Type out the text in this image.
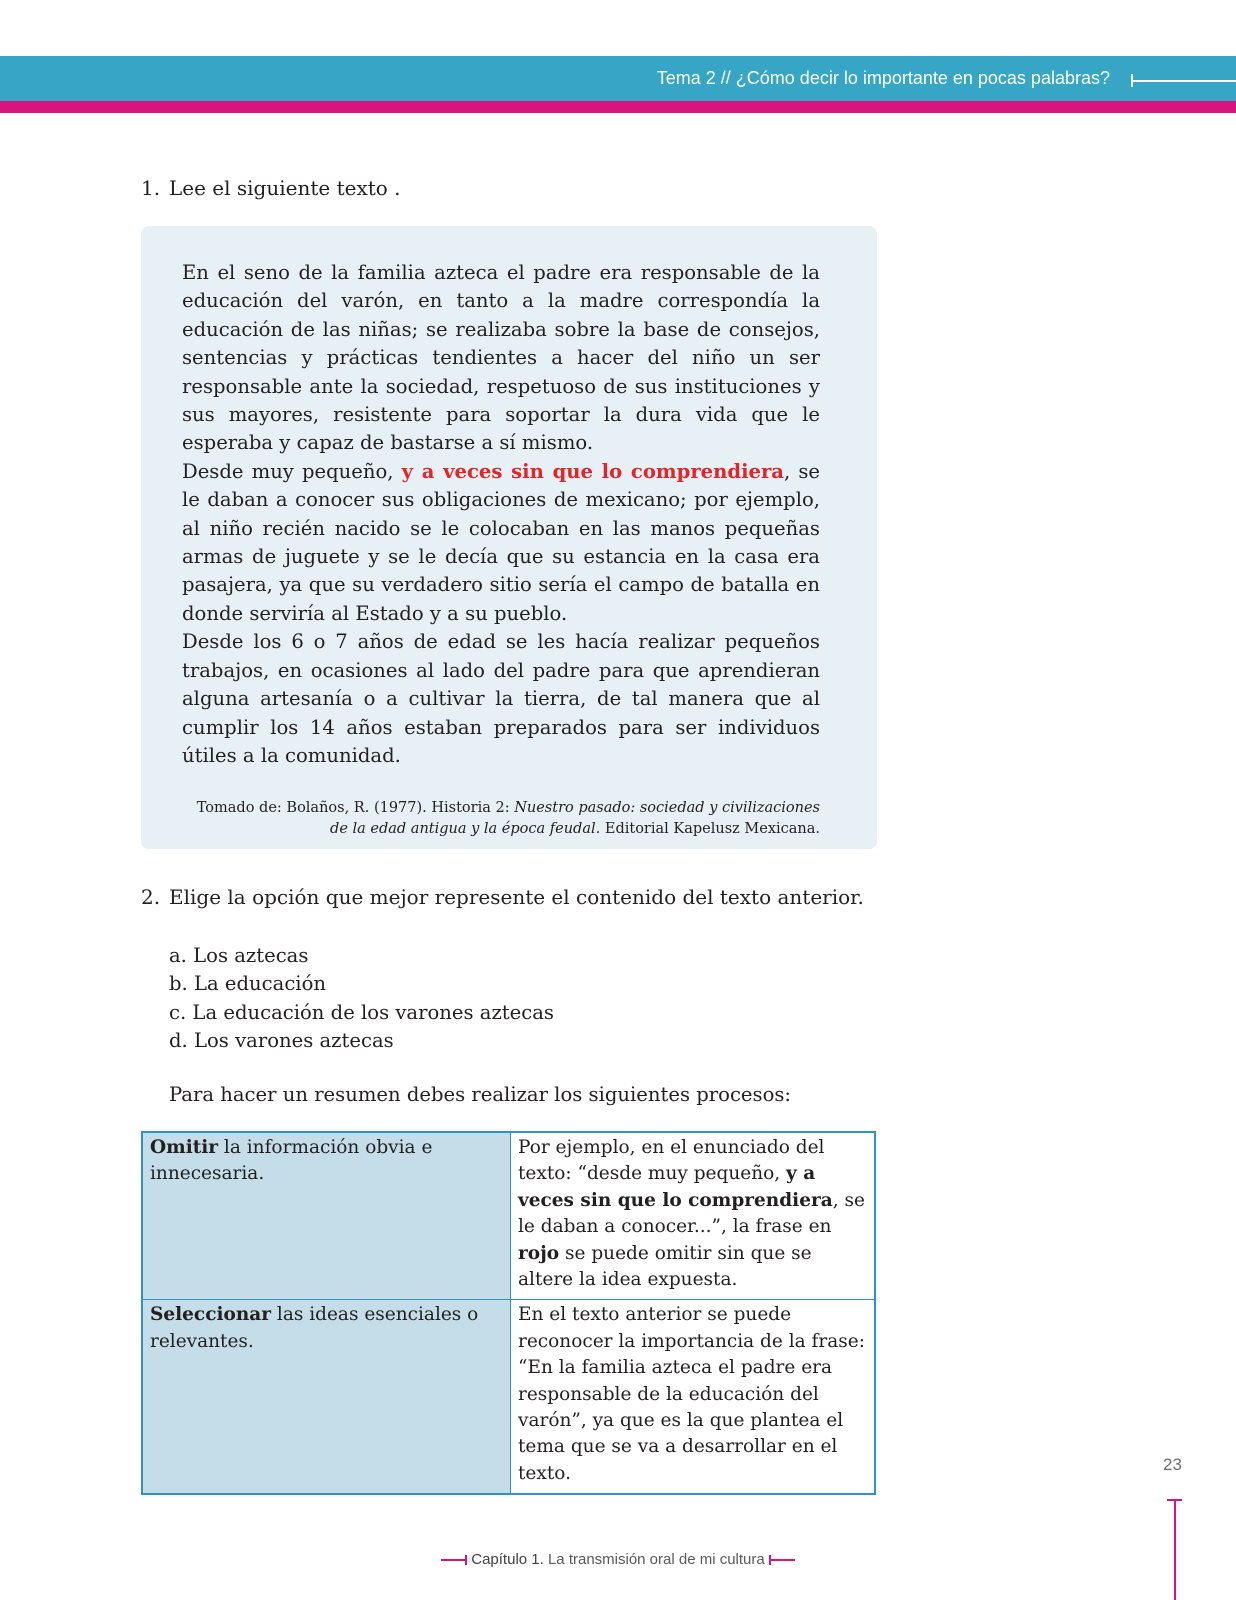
Tema 2 // ¿Cómo decir lo importante en pocas palabras?

1. Lee el siguiente texto .

En el seno de la familia azteca el padre era responsable de la educación del varón, en tanto a la madre correspondía la educación de las niñas; se realizaba sobre la base de consejos, sentencias y prácticas tendientes a hacer del niño un ser responsable ante la sociedad, respetuoso de sus instituciones y sus mayores, resistente para soportar la dura vida que le esperaba y capaz de bastarse a sí mismo.

Desde muy pequeño, y a veces sin que lo comprendiera, se le daban a conocer sus obligaciones de mexicano; por ejemplo, al niño recién nacido se le colocaban en las manos pequeñas armas de juguete y se le decía que su estancia en la casa era pasajera, ya que su verdadero sitio sería el campo de batalla en donde serviría al Estado y a su pueblo.

Desde los 6 o 7 años de edad se les hacía realizar pequeños trabajos, en ocasiones al lado del padre para que aprendieran alguna artesanía o a cultivar la tierra, de tal manera que al cumplir los 14 años estaban preparados para ser individuos útiles a la comunidad.

Tomado de: Bolaños, R. (1977). Historia 2: Nuestro pasado: sociedad y civilizaciones de la edad antigua y la época feudal. Editorial Kapelusz Mexicana.

2. Elige la opción que mejor represente el contenido del texto anterior.

a. Los aztecas
b. La educación
c. La educación de los varones aztecas
d. Los varones aztecas

Para hacer un resumen debes realizar los siguientes procesos:

Omitir la información obvia e innecesaria.	Por ejemplo, en el enunciado del texto: “desde muy pequeño, y a veces sin que lo comprendiera, se le daban a conocer...”, la frase en rojo se puede omitir sin que se altere la idea expuesta.
Seleccionar las ideas esenciales o relevantes.	En el texto anterior se puede reconocer la importancia de la frase: “En la familia azteca el padre era responsable de la educación del varón”, ya que es la que plantea el tema que se va a desarrollar en el texto.	23
Capítulo 1. La transmisión oral de mi cultura
